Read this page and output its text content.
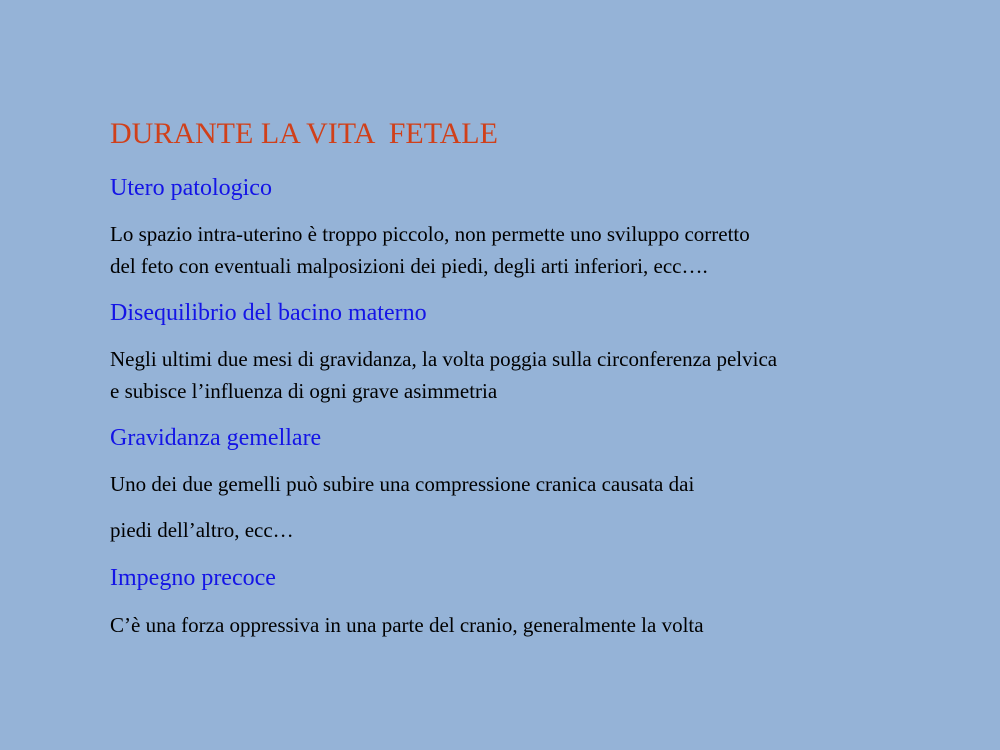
DURANTE LA VITA  FETALE
Utero patologico

Lo spazio intra-uterino è troppo piccolo, non permette uno sviluppo corretto
del feto con eventuali malposizioni dei piedi, degli arti inferiori, ecc….

Disequilibrio del bacino materno

Negli ultimi due mesi di gravidanza, la volta poggia sulla circonferenza pelvica
e subisce l’influenza di ogni grave asimmetria

Gravidanza gemellare

Uno dei due gemelli può subire una compressione cranica causata dai

piedi dell’altro, ecc…

Impegno precoce

C’è una forza oppressiva in una parte del cranio, generalmente la volta
